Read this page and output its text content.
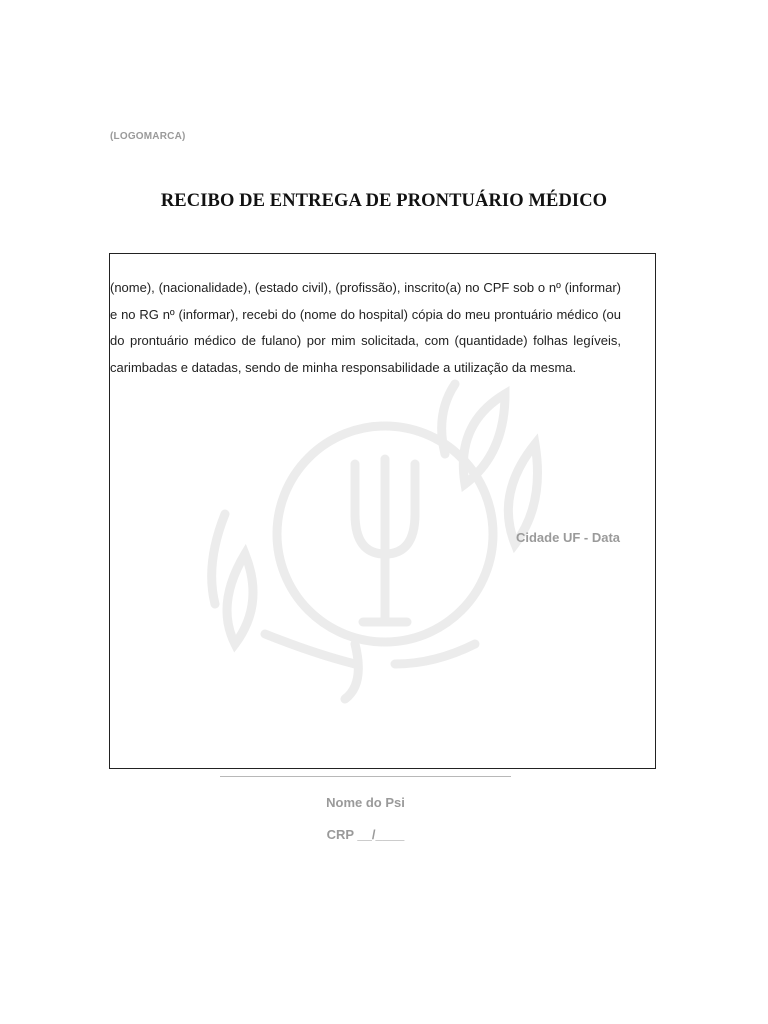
(LOGOMARCA)
RECIBO DE ENTREGA DE PRONTUÁRIO MÉDICO

(nome), (nacionalidade), (estado civil), (profissão), inscrito(a) no CPF sob o nº (informar) e no RG nº (informar), recebi do (nome do hospital) cópia do meu prontuário médico (ou do prontuário médico de fulano) por mim solicitada, com (quantidade) folhas legíveis, carimbadas e datadas, sendo de minha responsabilidade a utilização da mesma.

Cidade UF - Data
Nome do Psi
CRP __/____
